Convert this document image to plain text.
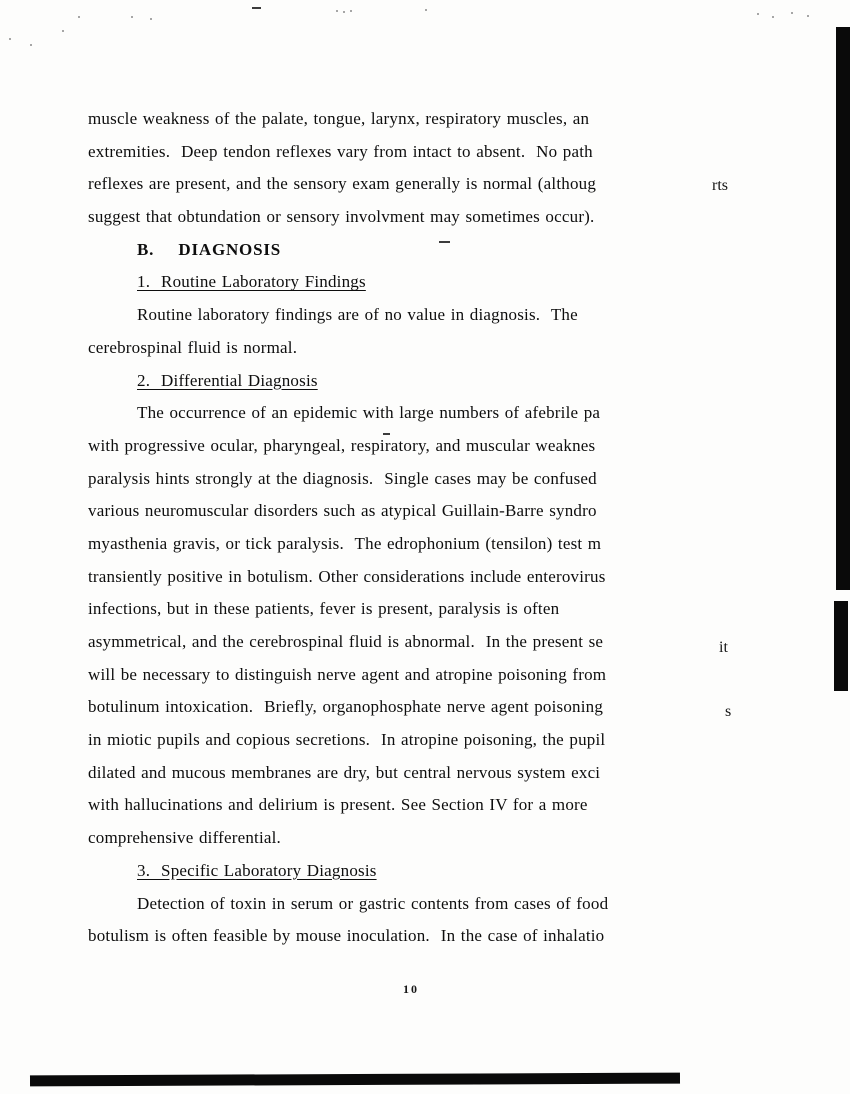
muscle weakness of the palate, tongue, larynx, respiratory muscles, an
extremities.  Deep tendon reflexes vary from intact to absent.  No path
reflexes are present, and the sensory exam generally is normal (althoug
suggest that obtundation or sensory involvment may sometimes occur).
B.    DIAGNOSIS
1.  Routine Laboratory Findings
Routine laboratory findings are of no value in diagnosis.  The
cerebrospinal fluid is normal.
2.  Differential Diagnosis
The occurrence of an epidemic with large numbers of afebrile pa
with progressive ocular, pharyngeal, respiratory, and muscular weaknes
paralysis hints strongly at the diagnosis.  Single cases may be confused
various neuromuscular disorders such as atypical Guillain-Barre syndro
myasthenia gravis, or tick paralysis.  The edrophonium (tensilon) test m
transiently positive in botulism. Other considerations include enterovirus
infections, but in these patients, fever is present, paralysis is often
asymmetrical, and the cerebrospinal fluid is abnormal.  In the present se
will be necessary to distinguish nerve agent and atropine poisoning from
botulinum intoxication.  Briefly, organophosphate nerve agent poisoning
in miotic pupils and copious secretions.  In atropine poisoning, the pupil
dilated and mucous membranes are dry, but central nervous system exci
with hallucinations and delirium is present. See Section IV for a more
comprehensive differential.
3.  Specific Laboratory Diagnosis
Detection of toxin in serum or gastric contents from cases of food
botulism is often feasible by mouse inoculation.  In the case of inhalatio
rts
it
s
10
